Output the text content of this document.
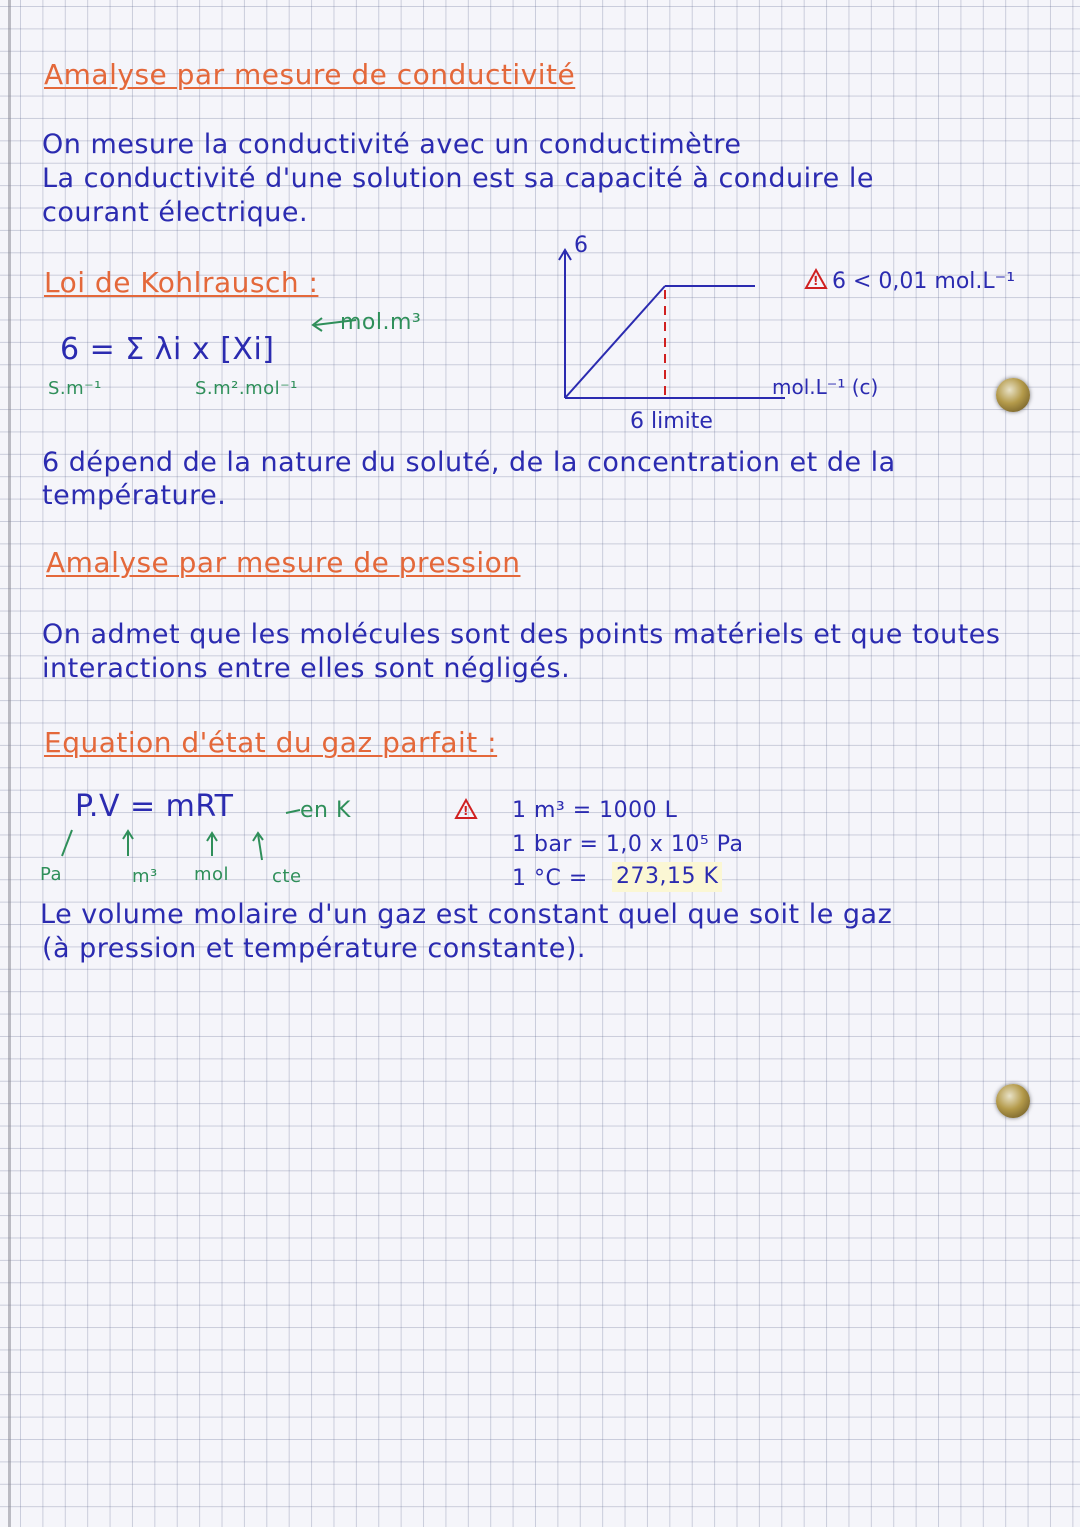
Amalyse par mesure de conductivité
On mesure la conductivité avec un conductimètre
La conductivité d'une solution est sa capacité à conduire le
courant électrique.
Loi de Kohlrausch :
mol.m³
6 = Σ λi x [Xi]
S.m⁻¹	S.m².mol⁻¹
6
mol.L⁻¹ (c)
6 limite
! 6 < 0,01 mol.L⁻¹
6 dépend de la nature du soluté, de la concentration et de la
température.
Amalyse par mesure de pression
On admet que les molécules sont des points matériels et que toutes
interactions entre elles sont négligés.
Equation d'état du gaz parfait :
P.V = mRT	en K	!
Pa	m³ mol cte
1 m³ = 1000 L
1 bar = 1,0 x 10⁵ Pa
1 °C = 273,15 K
Le volume molaire d'un gaz est constant quel que soit le gaz
(à pression et température constante).
